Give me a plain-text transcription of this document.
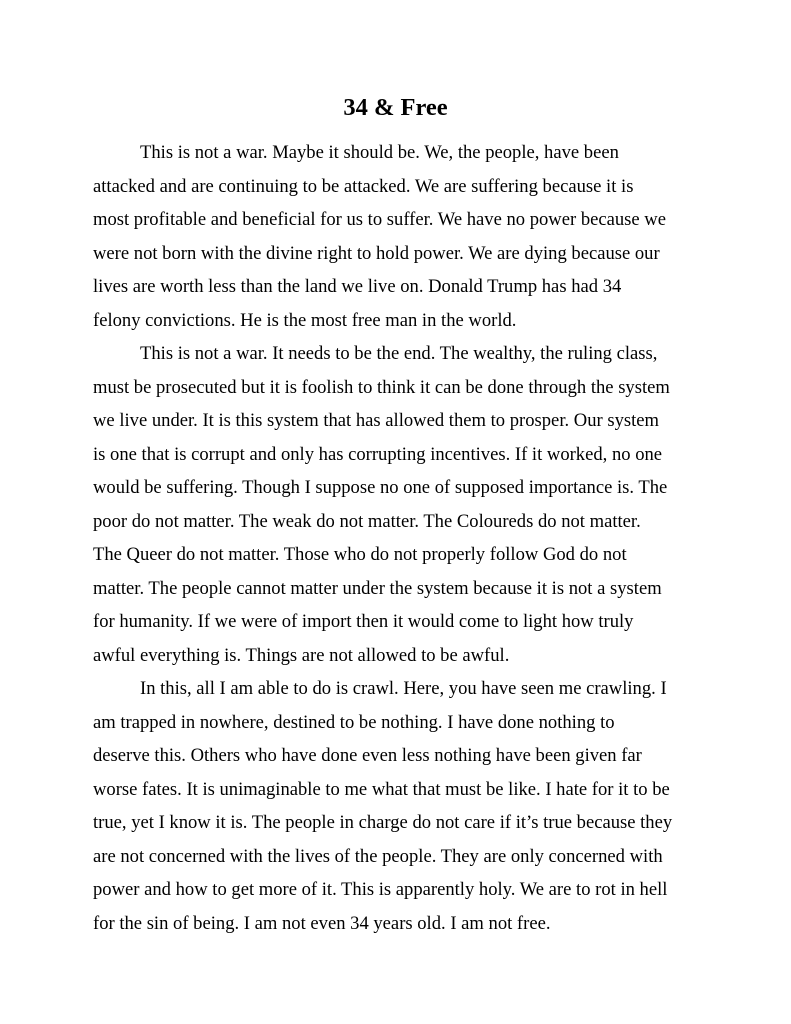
34 & Free
This is not a war. Maybe it should be. We, the people, have been
attacked and are continuing to be attacked. We are suffering because it is
most profitable and beneficial for us to suffer. We have no power because we
were not born with the divine right to hold power. We are dying because our
lives are worth less than the land we live on. Donald Trump has had 34
felony convictions. He is the most free man in the world.
This is not a war. It needs to be the end. The wealthy, the ruling class,
must be prosecuted but it is foolish to think it can be done through the system
we live under. It is this system that has allowed them to prosper. Our system
is one that is corrupt and only has corrupting incentives. If it worked, no one
would be suffering. Though I suppose no one of supposed importance is. The
poor do not matter. The weak do not matter. The Coloureds do not matter.
The Queer do not matter. Those who do not properly follow God do not
matter. The people cannot matter under the system because it is not a system
for humanity. If we were of import then it would come to light how truly
awful everything is. Things are not allowed to be awful.
In this, all I am able to do is crawl. Here, you have seen me crawling. I
am trapped in nowhere, destined to be nothing. I have done nothing to
deserve this. Others who have done even less nothing have been given far
worse fates. It is unimaginable to me what that must be like. I hate for it to be
true, yet I know it is. The people in charge do not care if it’s true because they
are not concerned with the lives of the people. They are only concerned with
power and how to get more of it. This is apparently holy. We are to rot in hell
for the sin of being. I am not even 34 years old. I am not free.
